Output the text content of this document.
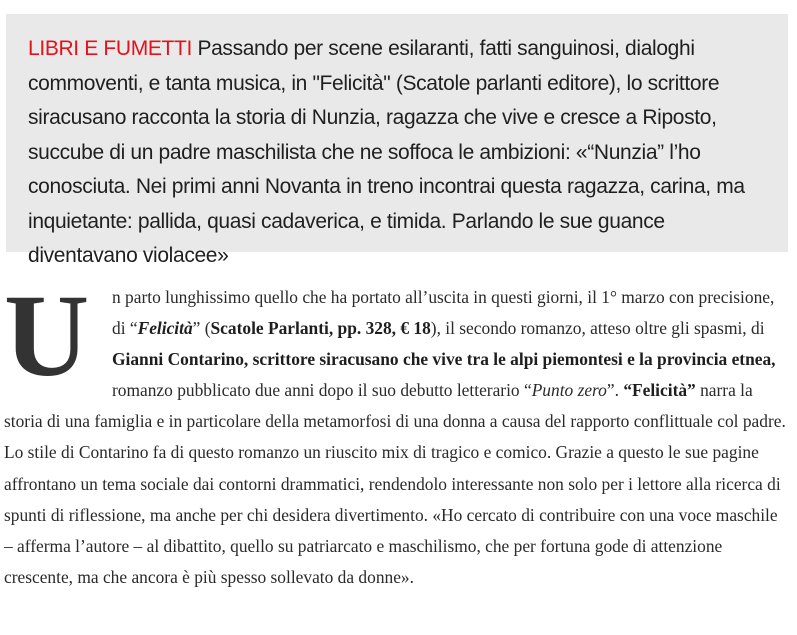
LIBRI E FUMETTI Passando per scene esilaranti, fatti sanguinosi, dialoghi commoventi, e tanta musica, in "Felicità" (Scatole parlanti editore), lo scrittore siracusano racconta la storia di Nunzia, ragazza che vive e cresce a Riposto, succube di un padre maschilista che ne soffoca le ambizioni: «“Nunzia” l’ho conosciuta. Nei primi anni Novanta in treno incontrai questa ragazza, carina, ma inquietante: pallida, quasi cadaverica, e timida. Parlando le sue guance diventavano violacee»

U	n parto lunghissimo quello che ha portato all’uscita in questi giorni, il 1° marzo con precisione, di “Felicità” (Scatole Parlanti, pp. 328, € 18), il secondo romanzo, atteso oltre gli spasmi, di Gianni Contarino, scrittore siracusano che vive tra le alpi piemontesi e la provincia etnea, romanzo pubblicato due anni dopo il suo debutto letterario “Punto zero”. “Felicità” narra la storia di una famiglia e in particolare della metamorfosi di una donna a causa del rapporto conflittuale col padre. Lo stile di Contarino fa di questo romanzo un riuscito mix di tragico e comico. Grazie a questo le sue pagine affrontano un tema sociale dai contorni drammatici, rendendolo interessante non solo per i lettore alla ricerca di spunti di riflessione, ma anche per chi desidera divertimento. «Ho cercato di contribuire con una voce maschile – afferma l’autore – al dibattito, quello su patriarcato e maschilismo, che per fortuna gode di attenzione crescente, ma che ancora è più spesso sollevato da donne».
